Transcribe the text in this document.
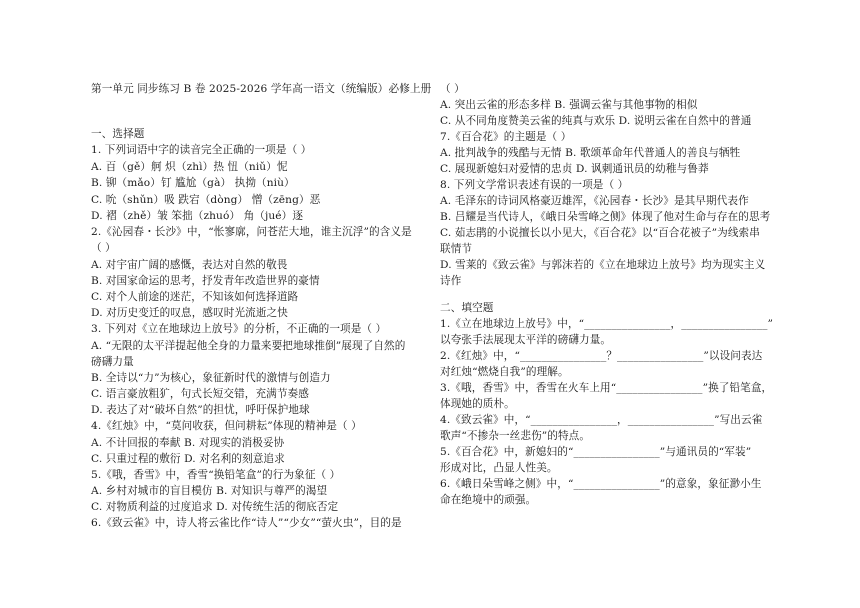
第一单元 同步练习 B 卷 2025-2026 学年高一语文（统编版）必修上册
一、选择题
1. 下列词语中字的读音完全正确的一项是（ ）
A. 百（gě）舸 炽（zhì）热 忸（niǔ）怩
B. 铆（mǎo）钉 尴尬（gà） 执拗（niù）
C. 吮（shǔn）吸 跌宕（dòng） 憎（zēng）恶
D. 褶（zhě）皱 笨拙（zhuó） 角（jué）逐
2.《沁园春・长沙》中，“怅寥廓，问苍茫大地，谁主沉浮”的含义是
（ ）
A. 对宇宙广阔的感慨，表达对自然的敬畏
B. 对国家命运的思考，抒发青年改造世界的豪情
C. 对个人前途的迷茫，不知该如何选择道路
D. 对历史变迁的叹息，感叹时光流逝之快
3. 下列对《立在地球边上放号》的分析，不正确的一项是（ ）
A. “无限的太平洋提起他全身的力量来要把地球推倒”展现了自然的
磅礴力量
B. 全诗以“力”为核心，象征新时代的激情与创造力
C. 语言豪放粗犷，句式长短交错，充满节奏感
D. 表达了对“破坏自然”的担忧，呼吁保护地球
4.《红烛》中，“莫问收获，但问耕耘”体现的精神是（ ）
A. 不计回报的奉献 B. 对现实的消极妥协
C. 只重过程的敷衍 D. 对名利的刻意追求
5.《哦，香雪》中，香雪“换铅笔盒”的行为象征（ ）
A. 乡村对城市的盲目模仿 B. 对知识与尊严的渴望
C. 对物质利益的过度追求 D. 对传统生活的彻底否定
6.《致云雀》中，诗人将云雀比作“诗人”“少女”“萤火虫”，目的是
（ ）
A. 突出云雀的形态多样 B. 强调云雀与其他事物的相似
C. 从不同角度赞美云雀的纯真与欢乐 D. 说明云雀在自然中的普通
7.《百合花》的主题是（ ）
A. 批判战争的残酷与无情 B. 歌颂革命年代普通人的善良与牺牲
C. 展现新媳妇对爱情的忠贞 D. 讽刺通讯员的幼稚与鲁莽
8. 下列文学常识表述有误的一项是（ ）
A. 毛泽东的诗词风格豪迈雄浑，《沁园春・长沙》是其早期代表作
B. 吕耀是当代诗人，《峨日朵雪峰之侧》体现了他对生命与存在的思考
C. 茹志鹃的小说擅长以小见大，《百合花》以“百合花被子”为线索串
联情节
D. 雪莱的《致云雀》与郭沫若的《立在地球边上放号》均为现实主义
诗作
二、填空题
1.《立在地球边上放号》中，“________________，________________”
以夸张手法展现太平洋的磅礴力量。
2.《红烛》中，“________________？________________”以设问表达
对红烛“燃烧自我”的理解。
3.《哦，香雪》中，香雪在火车上用“________________”换了铅笔盒，
体现她的质朴。
4.《致云雀》中，“________________，________________”写出云雀
歌声“不掺杂一丝悲伤”的特点。
5.《百合花》中，新媳妇的“________________”与通讯员的“军装”
形成对比，凸显人性美。
6.《峨日朵雪峰之侧》中，“________________”的意象，象征渺小生
命在绝境中的顽强。
